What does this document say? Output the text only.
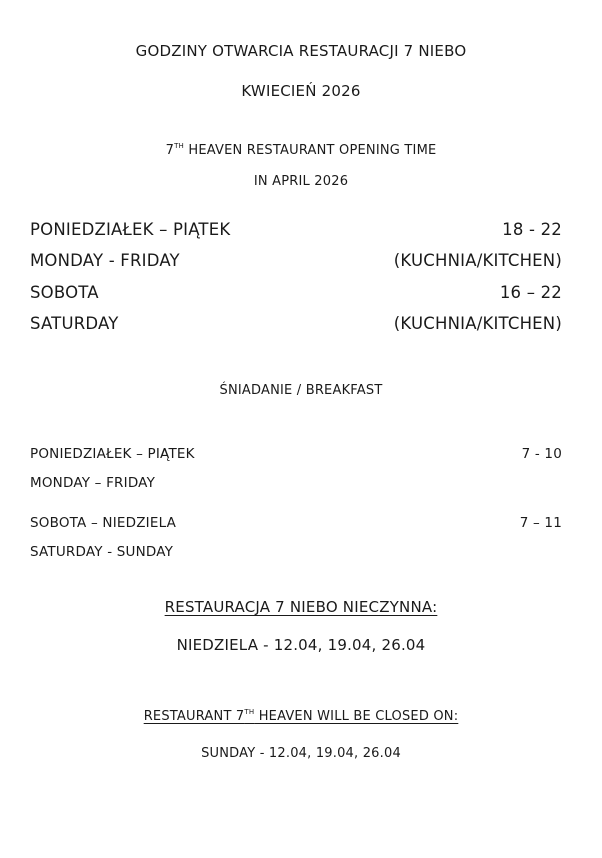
GODZINY OTWARCIA RESTAURACJI 7 NIEBO
KWIECIEŃ 2026
7TH HEAVEN RESTAURANT OPENING TIME
IN APRIL 2026
PONIEDZIAŁEK – PIĄTEK	18 - 22
MONDAY - FRIDAY	(KUCHNIA/KITCHEN)
SOBOTA	16 – 22
SATURDAY	(KUCHNIA/KITCHEN)
ŚNIADANIE / BREAKFAST
PONIEDZIAŁEK – PIĄTEK	7 - 10
MONDAY – FRIDAY
SOBOTA – NIEDZIELA	7 – 11
SATURDAY - SUNDAY
RESTAURACJA 7 NIEBO NIECZYNNA:
NIEDZIELA - 12.04, 19.04, 26.04
RESTAURANT 7TH HEAVEN WILL BE CLOSED ON:
SUNDAY - 12.04, 19.04, 26.04
